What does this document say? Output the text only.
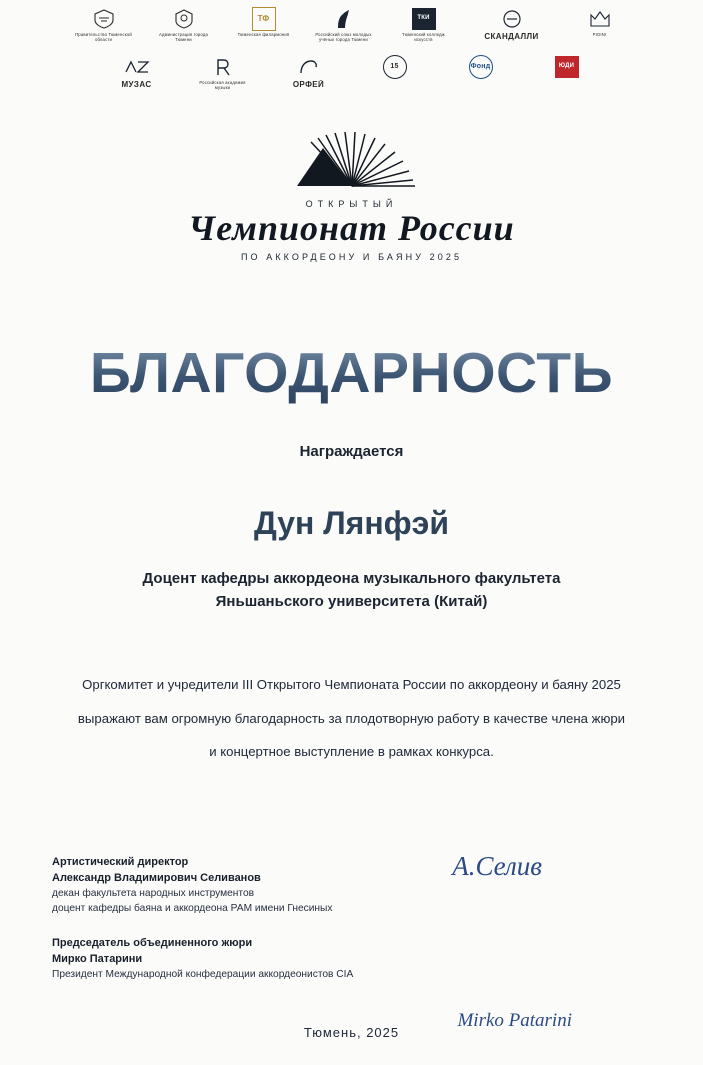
Правительство Тюменской области
Администрация города Тюмени
ТФ
Тюменская филармония	Российский союз молодых учёных города Тюмени
ТКИ
Тюменский колледж искусств	СКАНДАЛЛИ	PIGINI
МУЗАС	Российская академия музыки	ОРФЕЙ
15	Фонд	ЮДИ
ОТКРЫТЫЙ
Чемпионат России
ПО АККОРДЕОНУ И БАЯНУ 2025
БЛАГОДАРНОСТЬ
Награждается
Дун Лянфэй
Доцент кафедры аккордеона музыкального факультета
Яньшаньского университета (Китай)
Оргкомитет и учредители III Открытого Чемпионата России по аккордеону и баяну 2025
выражают вам огромную благодарность за плодотворную работу в качестве члена жюри
и концертное выступление в рамках конкурса.
Артистический директор
Александр Владимирович Селиванов
декан факультета народных инструментов
доцент кафедры баяна и аккордеона РАМ имени Гнесиных
А.Селив
Председатель объединенного жюри
Мирко Патарини
Президент Международной конфедерации аккордеонистов CIA
Mirko Patarini
Тюмень, 2025
